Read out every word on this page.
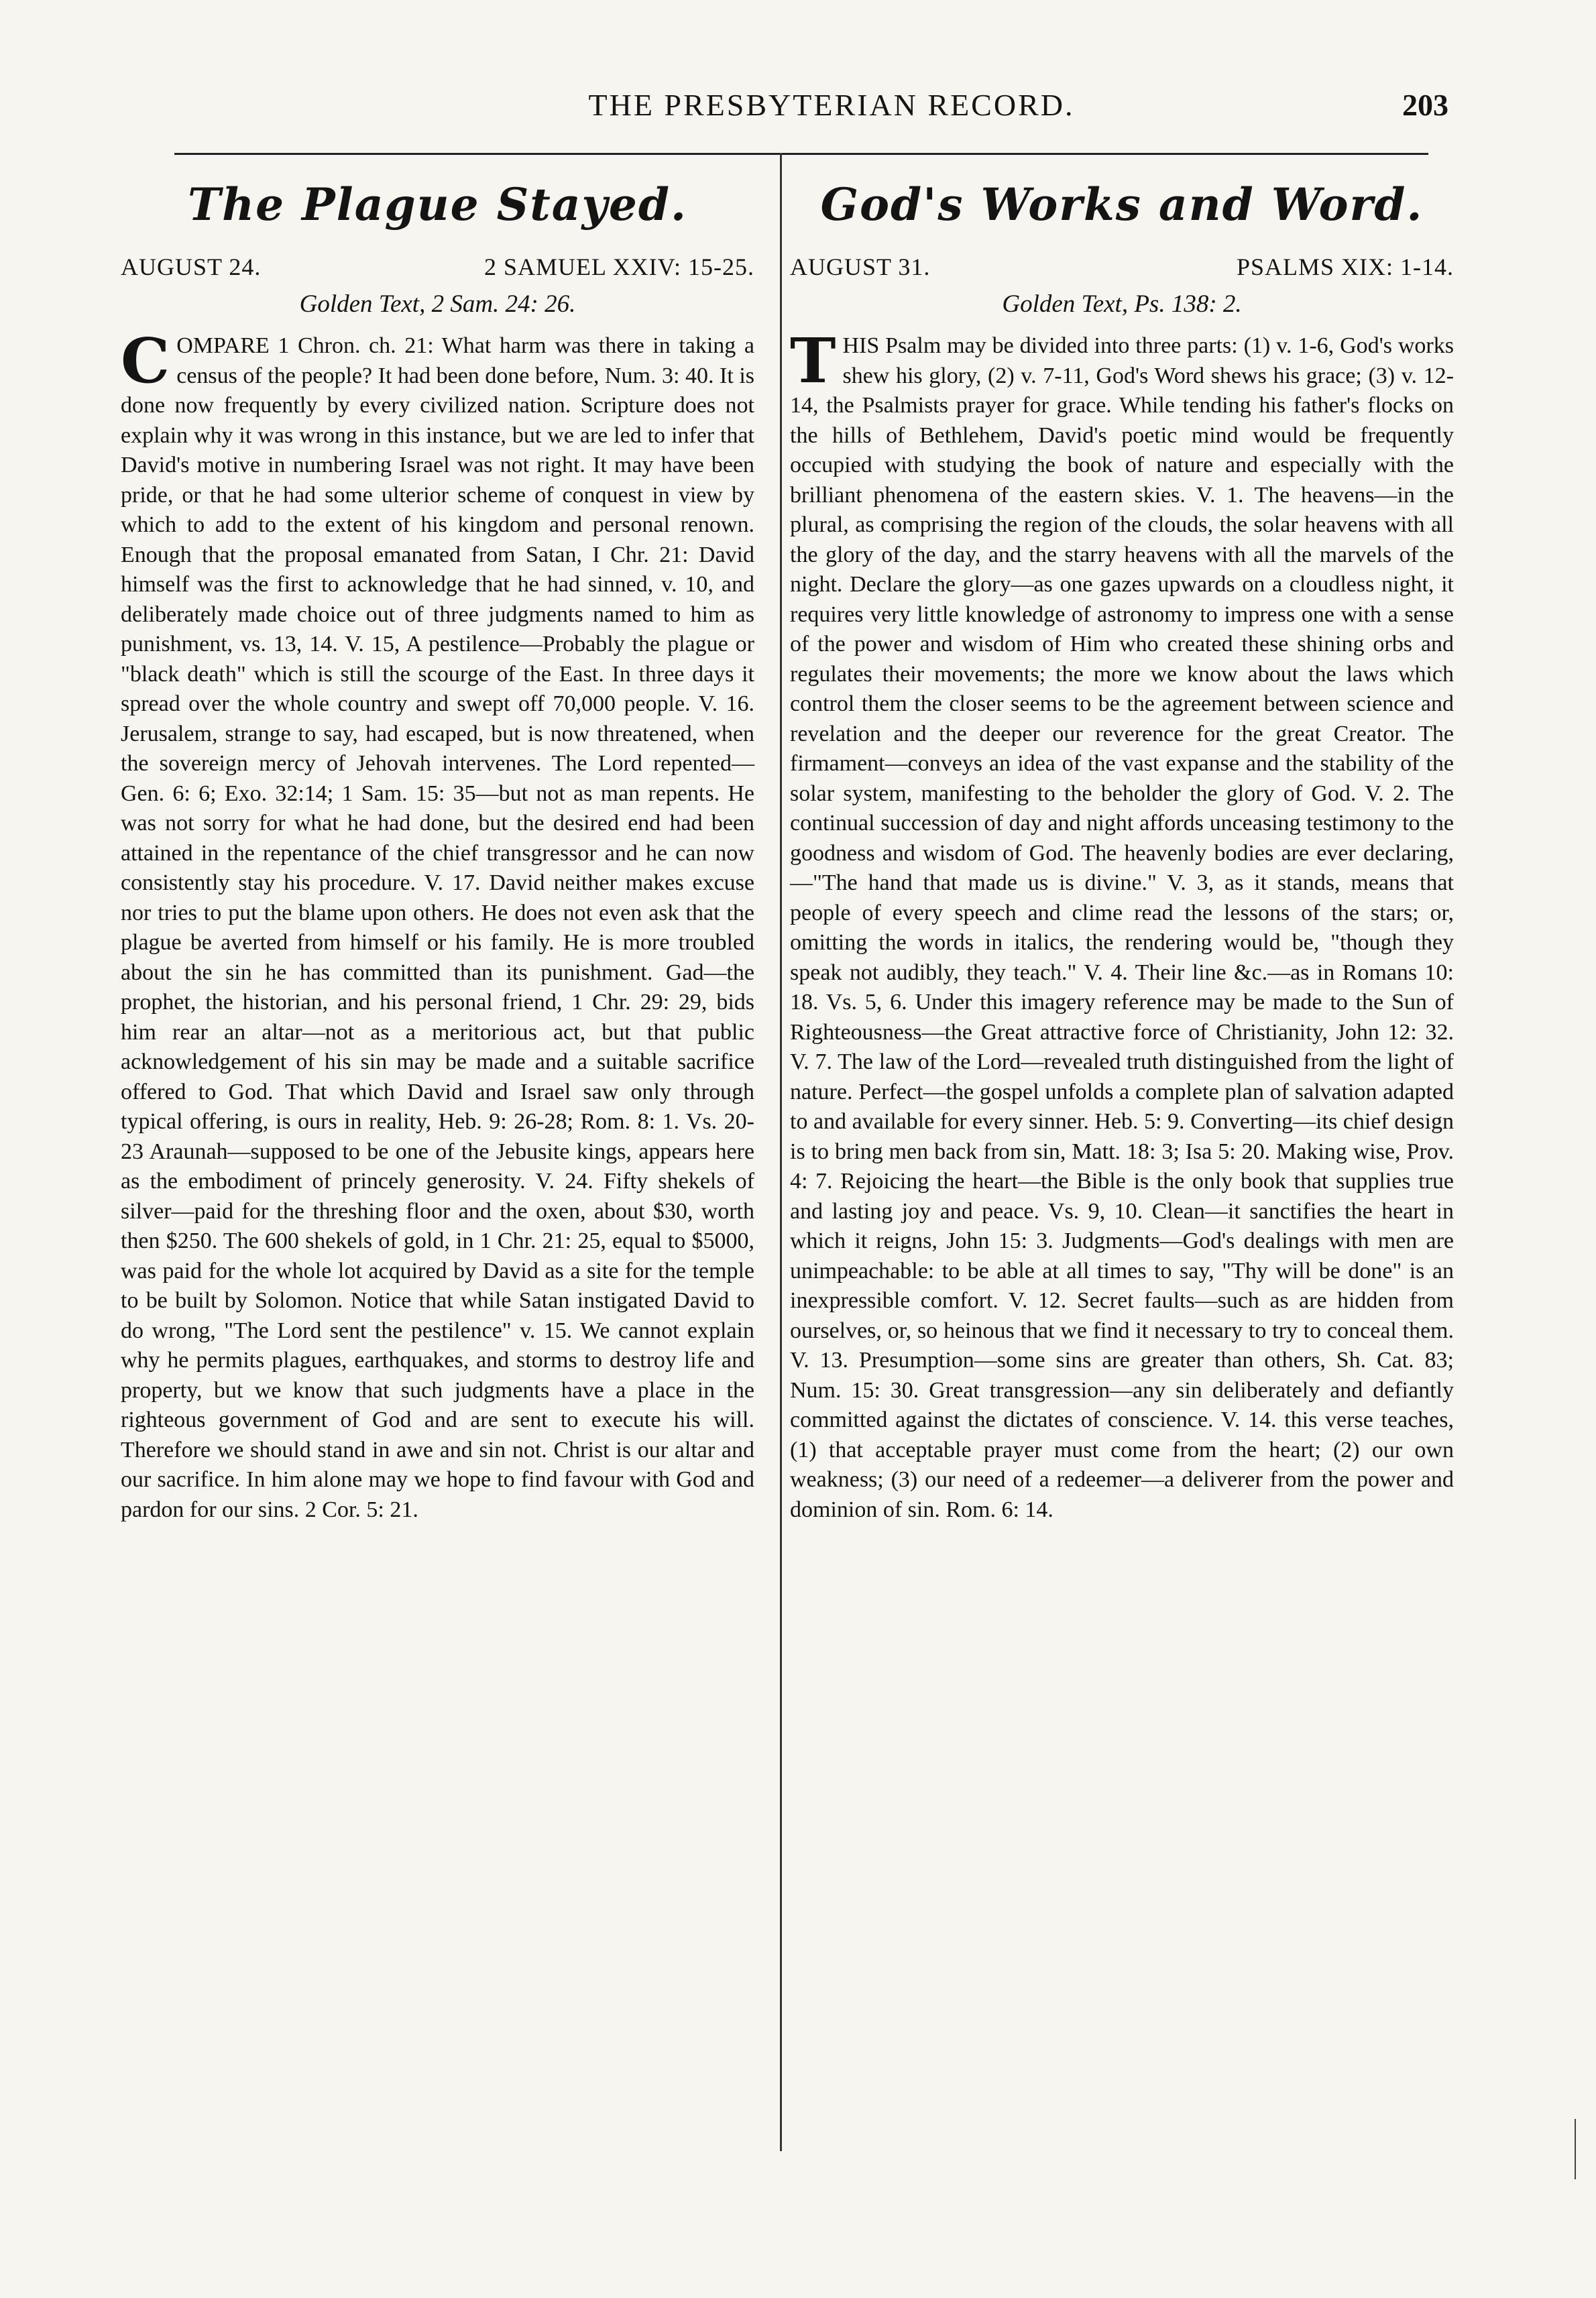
THE PRESBYTERIAN RECORD.	203
The Plague Stayed.
AUGUST 24.	2 SAMUEL XXIV: 15-25.
Golden Text, 2 Sam. 24: 26.
COMPARE 1 Chron. ch. 21: What harm was there in taking a census of the people? It had been done before, Num. 3: 40. It is done now frequently by every civilized nation. Scripture does not explain why it was wrong in this instance, but we are led to infer that David's motive in numbering Israel was not right. It may have been pride, or that he had some ulterior scheme of conquest in view by which to add to the extent of his kingdom and personal renown. Enough that the proposal emanated from Satan, I Chr. 21: David himself was the first to acknowledge that he had sinned, v. 10, and deliberately made choice out of three judgments named to him as punishment, vs. 13, 14. V. 15, A pestilence—Probably the plague or "black death" which is still the scourge of the East. In three days it spread over the whole country and swept off 70,000 people. V. 16. Jerusalem, strange to say, had escaped, but is now threatened, when the sovereign mercy of Jehovah intervenes. The Lord repented—Gen. 6: 6; Exo. 32:14; 1 Sam. 15: 35—but not as man repents. He was not sorry for what he had done, but the desired end had been attained in the repentance of the chief transgressor and he can now consistently stay his procedure. V. 17. David neither makes excuse nor tries to put the blame upon others. He does not even ask that the plague be averted from himself or his family. He is more troubled about the sin he has committed than its punishment. Gad—the prophet, the historian, and his personal friend, 1 Chr. 29: 29, bids him rear an altar—not as a meritorious act, but that public acknowledgement of his sin may be made and a suitable sacrifice offered to God. That which David and Israel saw only through typical offering, is ours in reality, Heb. 9: 26-28; Rom. 8: 1. Vs. 20-23 Araunah—supposed to be one of the Jebusite kings, appears here as the embodiment of princely generosity. V. 24. Fifty shekels of silver—paid for the threshing floor and the oxen, about $30, worth then $250. The 600 shekels of gold, in 1 Chr. 21: 25, equal to $5000, was paid for the whole lot acquired by David as a site for the temple to be built by Solomon. Notice that while Satan instigated David to do wrong, "The Lord sent the pestilence" v. 15. We cannot explain why he permits plagues, earthquakes, and storms to destroy life and property, but we know that such judgments have a place in the righteous government of God and are sent to execute his will. Therefore we should stand in awe and sin not. Christ is our altar and our sacrifice. In him alone may we hope to find favour with God and pardon for our sins. 2 Cor. 5: 21.
God's Works and Word.
AUGUST 31.	PSALMS XIX: 1-14.
Golden Text, Ps. 138: 2.
THIS Psalm may be divided into three parts: (1) v. 1-6, God's works shew his glory, (2) v. 7-11, God's Word shews his grace; (3) v. 12-14, the Psalmists prayer for grace. While tending his father's flocks on the hills of Bethlehem, David's poetic mind would be frequently occupied with studying the book of nature and especially with the brilliant phenomena of the eastern skies. V. 1. The heavens—in the plural, as comprising the region of the clouds, the solar heavens with all the glory of the day, and the starry heavens with all the marvels of the night. Declare the glory—as one gazes upwards on a cloudless night, it requires very little knowledge of astronomy to impress one with a sense of the power and wisdom of Him who created these shining orbs and regulates their movements; the more we know about the laws which control them the closer seems to be the agreement between science and revelation and the deeper our reverence for the great Creator. The firmament—conveys an idea of the vast expanse and the stability of the solar system, manifesting to the beholder the glory of God. V. 2. The continual succession of day and night affords unceasing testimony to the goodness and wisdom of God. The heavenly bodies are ever declaring,—"The hand that made us is divine." V. 3, as it stands, means that people of every speech and clime read the lessons of the stars; or, omitting the words in italics, the rendering would be, "though they speak not audibly, they teach." V. 4. Their line &c.—as in Romans 10: 18. Vs. 5, 6. Under this imagery reference may be made to the Sun of Righteousness—the Great attractive force of Christianity, John 12: 32. V. 7. The law of the Lord—revealed truth distinguished from the light of nature. Perfect—the gospel unfolds a complete plan of salvation adapted to and available for every sinner. Heb. 5: 9. Converting—its chief design is to bring men back from sin, Matt. 18: 3; Isa 5: 20. Making wise, Prov. 4: 7. Rejoicing the heart—the Bible is the only book that supplies true and lasting joy and peace. Vs. 9, 10. Clean—it sanctifies the heart in which it reigns, John 15: 3. Judgments—God's dealings with men are unimpeachable: to be able at all times to say, "Thy will be done" is an inexpressible comfort. V. 12. Secret faults—such as are hidden from ourselves, or, so heinous that we find it necessary to try to conceal them. V. 13. Presumption—some sins are greater than others, Sh. Cat. 83; Num. 15: 30. Great transgression—any sin deliberately and defiantly committed against the dictates of conscience. V. 14. this verse teaches, (1) that acceptable prayer must come from the heart; (2) our own weakness; (3) our need of a redeemer—a deliverer from the power and dominion of sin. Rom. 6: 14.
